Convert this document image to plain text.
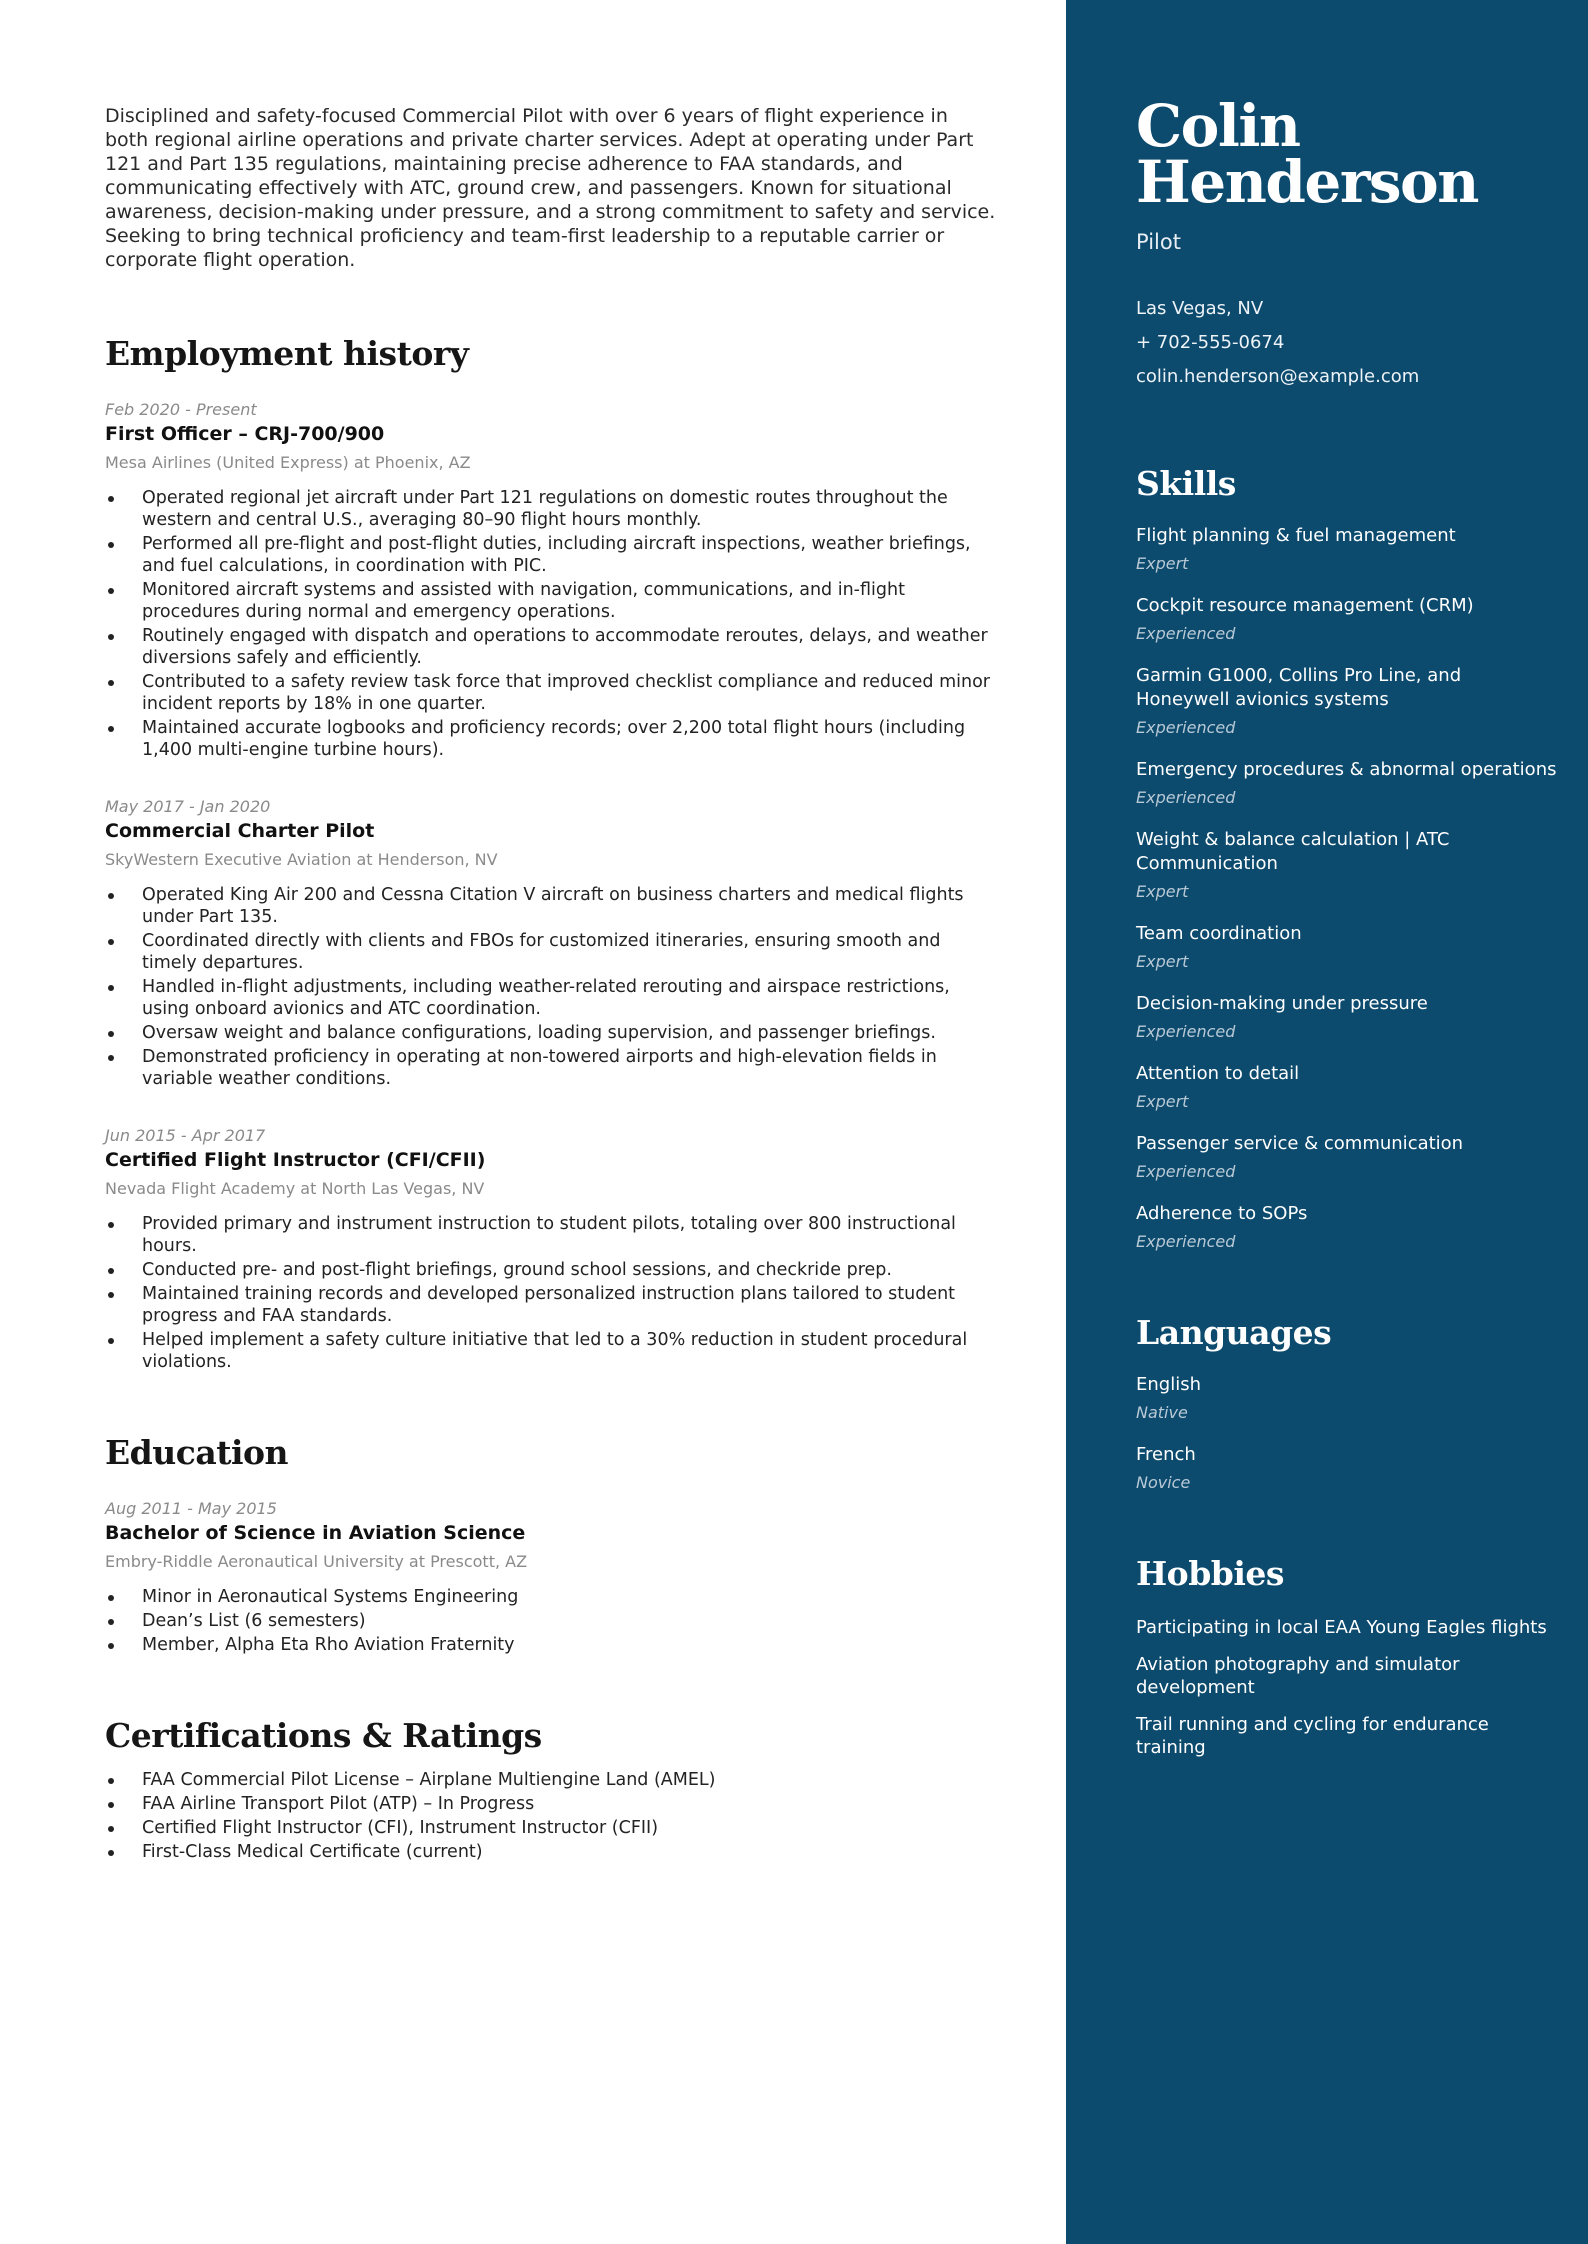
Disciplined and safety-focused Commercial Pilot with over 6 years of flight experience in both regional airline operations and private charter services. Adept at operating under Part 121 and Part 135 regulations, maintaining precise adherence to FAA standards, and communicating effectively with ATC, ground crew, and passengers. Known for situational awareness, decision-making under pressure, and a strong commitment to safety and service. Seeking to bring technical proficiency and team-first leadership to a reputable carrier or corporate flight operation.

Employment history
Feb 2020 - Present
First Officer – CRJ-700/900
Mesa Airlines (United Express) at Phoenix, AZ
Operated regional jet aircraft under Part 121 regulations on domestic routes throughout the western and central U.S., averaging 80–90 flight hours monthly.
Performed all pre-flight and post-flight duties, including aircraft inspections, weather briefings, and fuel calculations, in coordination with PIC.
Monitored aircraft systems and assisted with navigation, communications, and in-flight procedures during normal and emergency operations.
Routinely engaged with dispatch and operations to accommodate reroutes, delays, and weather diversions safely and efficiently.
Contributed to a safety review task force that improved checklist compliance and reduced minor incident reports by 18% in one quarter.
Maintained accurate logbooks and proficiency records; over 2,200 total flight hours (including 1,400 multi-engine turbine hours).
May 2017 - Jan 2020
Commercial Charter Pilot
SkyWestern Executive Aviation at Henderson, NV
Operated King Air 200 and Cessna Citation V aircraft on business charters and medical flights under Part 135.
Coordinated directly with clients and FBOs for customized itineraries, ensuring smooth and timely departures.
Handled in-flight adjustments, including weather-related rerouting and airspace restrictions, using onboard avionics and ATC coordination.
Oversaw weight and balance configurations, loading supervision, and passenger briefings.
Demonstrated proficiency in operating at non-towered airports and high-elevation fields in variable weather conditions.
Jun 2015 - Apr 2017
Certified Flight Instructor (CFI/CFII)
Nevada Flight Academy at North Las Vegas, NV
Provided primary and instrument instruction to student pilots, totaling over 800 instructional hours.
Conducted pre- and post-flight briefings, ground school sessions, and checkride prep.
Maintained training records and developed personalized instruction plans tailored to student progress and FAA standards.
Helped implement a safety culture initiative that led to a 30% reduction in student procedural violations.
Education
Aug 2011 - May 2015
Bachelor of Science in Aviation Science
Embry-Riddle Aeronautical University at Prescott, AZ
Minor in Aeronautical Systems Engineering
Dean’s List (6 semesters)
Member, Alpha Eta Rho Aviation Fraternity
Certifications & Ratings
FAA Commercial Pilot License – Airplane Multiengine Land (AMEL)
FAA Airline Transport Pilot (ATP) – In Progress
Certified Flight Instructor (CFI), Instrument Instructor (CFII)
First-Class Medical Certificate (current)
Colin
Henderson
Pilot
Las Vegas, NV
+ 702-555-0674
colin.henderson@example.com
Skills
Flight planning & fuel management
Expert
Cockpit resource management (CRM)
Experienced
Garmin G1000, Collins Pro Line, and Honeywell avionics systems
Experienced
Emergency procedures & abnormal operations
Experienced
Weight & balance calculation | ATC Communication
Expert
Team coordination
Expert
Decision-making under pressure
Experienced
Attention to detail
Expert
Passenger service & communication
Experienced
Adherence to SOPs
Experienced
Languages
English
Native
French
Novice
Hobbies
Participating in local EAA Young Eagles flights
Aviation photography and simulator development
Trail running and cycling for endurance training
